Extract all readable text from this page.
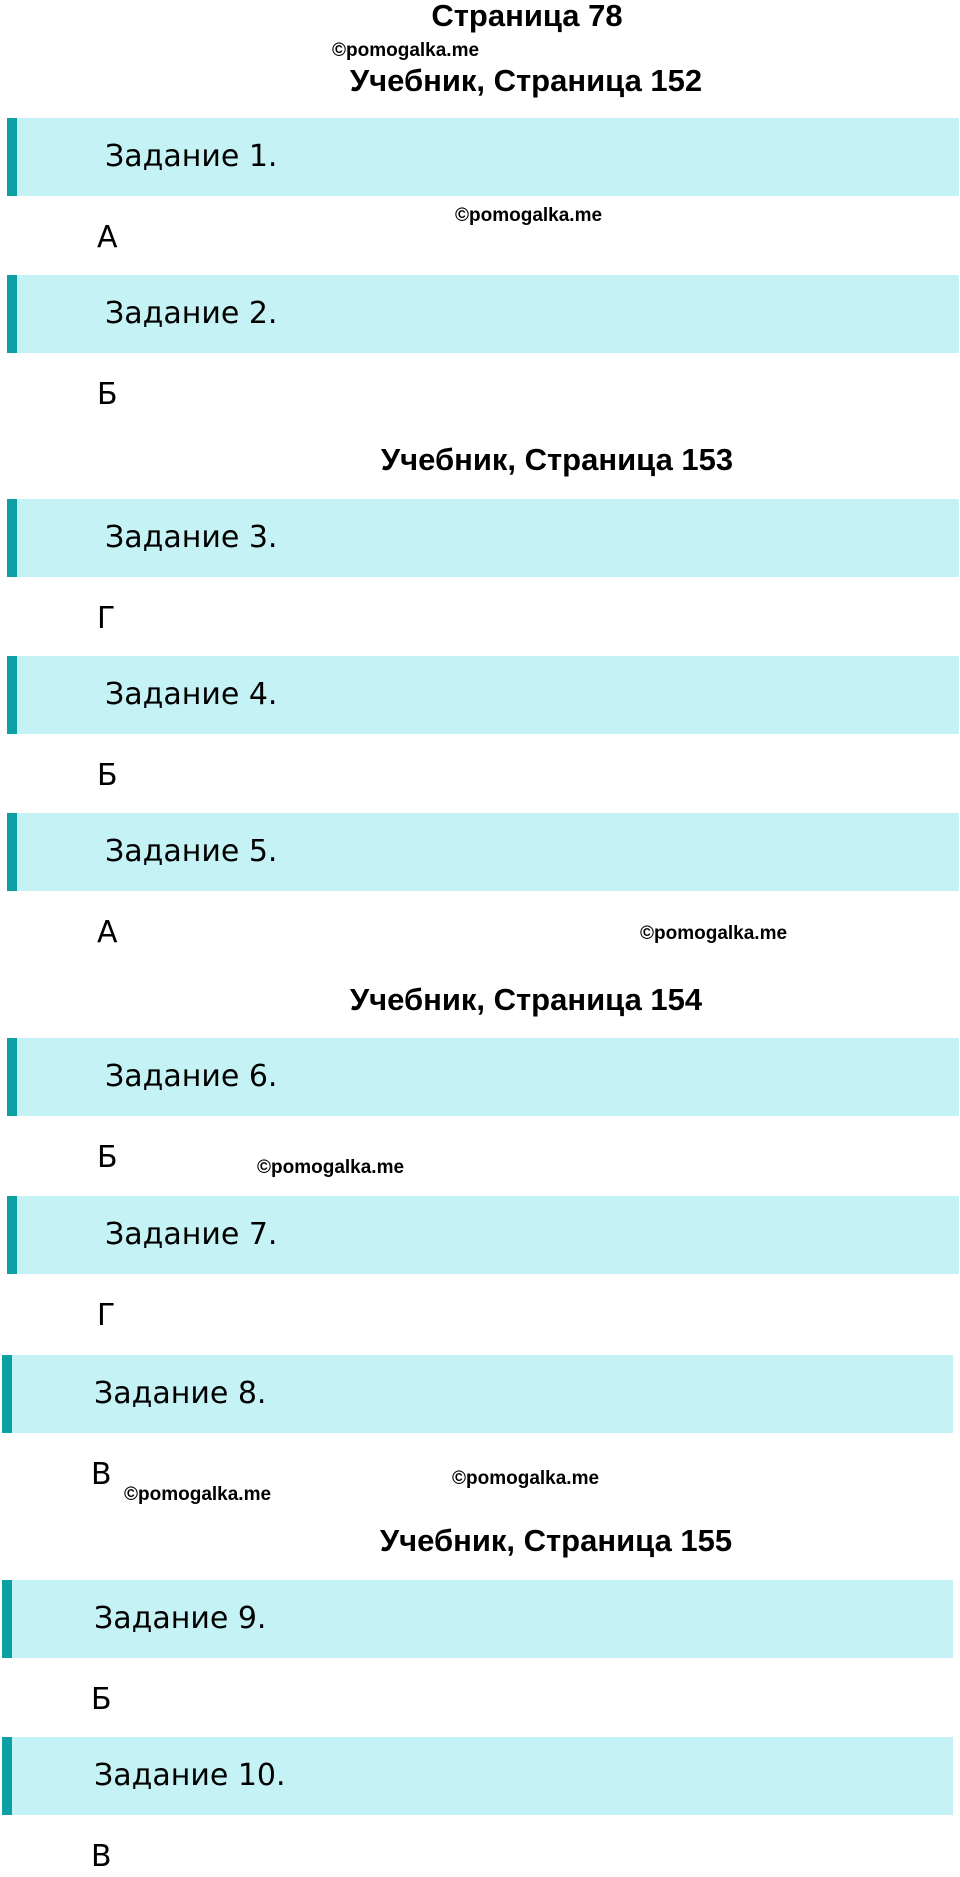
Страница 78
©pomogalka.me
Учебник, Страница 152
Задание 1.
А
©pomogalka.me
Задание 2.
Б
Учебник, Страница 153
Задание 3.
Г
Задание 4.
Б
Задание 5.
А	©pomogalka.me
Учебник, Страница 154
Задание 6.
Б	©pomogalka.me
Задание 7.
Г
Задание 8.
В
©pomogalka.me
©pomogalka.me
Учебник, Страница 155
Задание 9.
Б
Задание 10.
В
